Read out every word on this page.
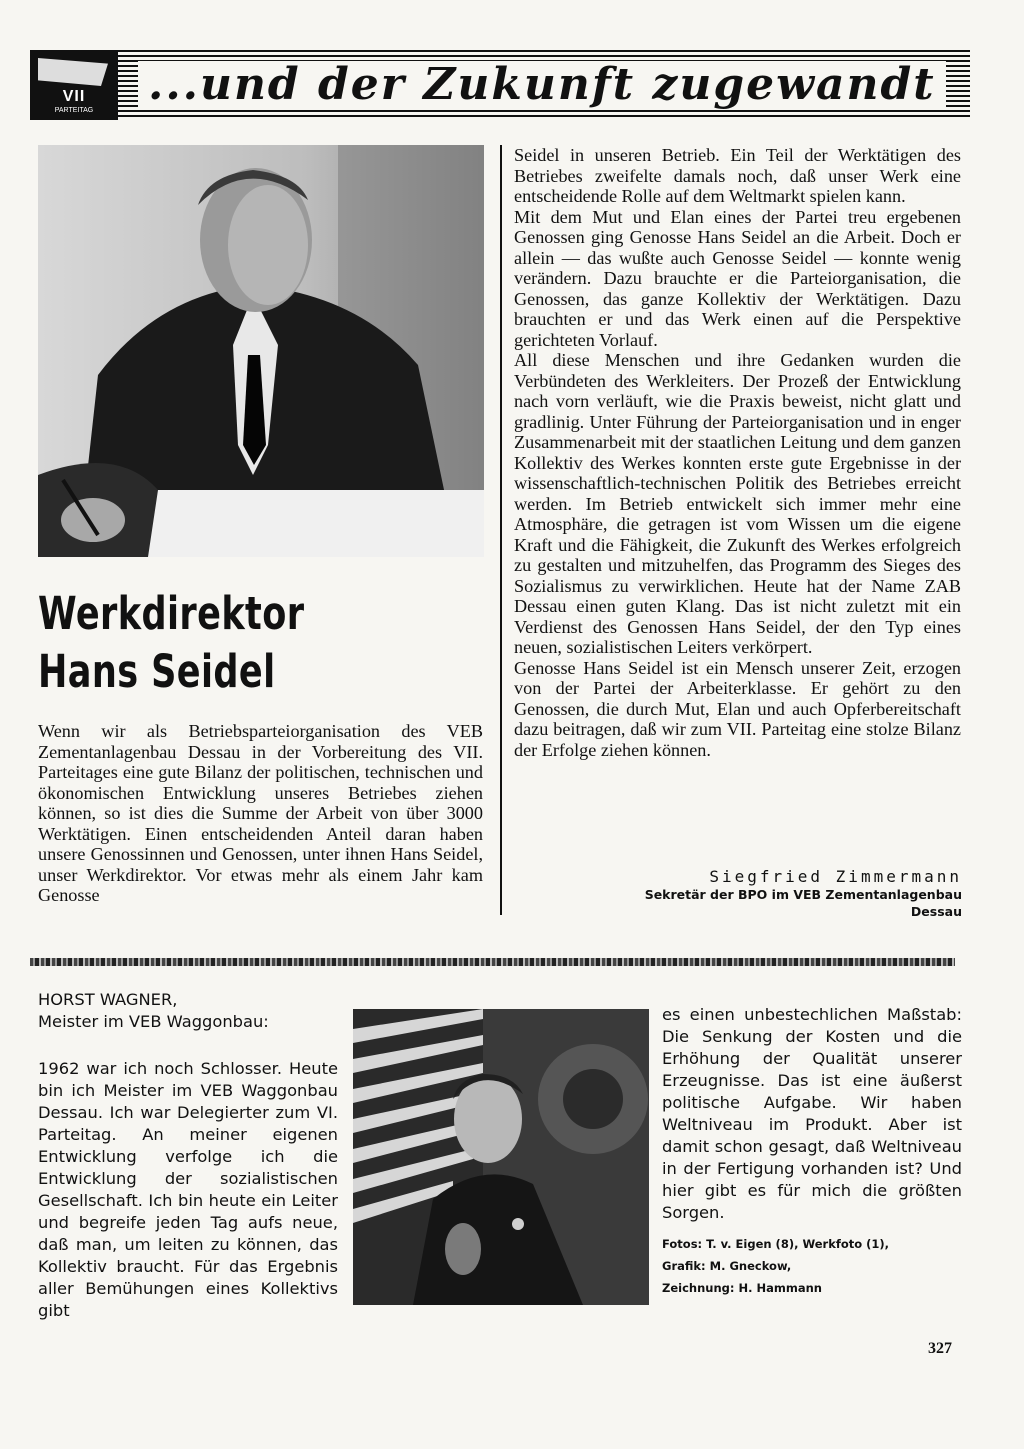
VII
PARTEITAG
...und der Zukunft zugewandt
Werkdirektor
Hans Seidel

Wenn wir als Betriebsparteiorganisation des VEB Zementanlagenbau Dessau in der Vorbereitung des VII. Parteitages eine gute Bilanz der politischen, technischen und ökonomischen Entwicklung unseres Betriebes ziehen können, so ist dies die Summe der Arbeit von über 3000 Werktätigen. Einen entscheidenden Anteil daran haben unsere Genossinnen und Genossen, unter ihnen Hans Seidel, unser Werkdirektor. Vor etwas mehr als einem Jahr kam Genosse

Seidel in unseren Betrieb. Ein Teil der Werktätigen des Betriebes zweifelte damals noch, daß unser Werk eine entscheidende Rolle auf dem Weltmarkt spielen kann.

Mit dem Mut und Elan eines der Partei treu ergebenen Genossen ging Genosse Hans Seidel an die Arbeit. Doch er allein — das wußte auch Genosse Seidel — konnte wenig verändern. Dazu brauchte er die Parteiorganisation, die Genossen, das ganze Kollektiv der Werktätigen. Dazu brauchten er und das Werk einen auf die Perspektive gerichteten Vorlauf.

All diese Menschen und ihre Gedanken wurden die Verbündeten des Werkleiters. Der Prozeß der Entwicklung nach vorn verläuft, wie die Praxis beweist, nicht glatt und gradlinig. Unter Führung der Parteiorganisation und in enger Zusammenarbeit mit der staatlichen Leitung und dem ganzen Kollektiv des Werkes konnten erste gute Ergebnisse in der wissenschaftlich-technischen Politik des Betriebes erreicht werden. Im Betrieb entwickelt sich immer mehr eine Atmosphäre, die getragen ist vom Wissen um die eigene Kraft und die Fähigkeit, die Zukunft des Werkes erfolgreich zu gestalten und mitzuhelfen, das Programm des Sieges des Sozialismus zu verwirklichen. Heute hat der Name ZAB Dessau einen guten Klang. Das ist nicht zuletzt mit ein Verdienst des Genossen Hans Seidel, der den Typ eines neuen, sozialistischen Leiters verkörpert.

Genosse Hans Seidel ist ein Mensch unserer Zeit, erzogen von der Partei der Arbeiterklasse. Er gehört zu den Genossen, die durch Mut, Elan und auch Opferbereitschaft dazu beitragen, daß wir zum VII. Parteitag eine stolze Bilanz der Erfolge ziehen können.

Siegfried Zimmermann
Sekretär der BPO im VEB Zementanlagenbau
Dessau
HORST WAGNER,
Meister im VEB Waggonbau:
1962 war ich noch Schlosser. Heute bin ich Meister im VEB Waggonbau Dessau. Ich war Delegierter zum VI. Parteitag. An meiner eigenen Entwicklung verfolge ich die Entwicklung der sozialistischen Gesellschaft. Ich bin heute ein Leiter und begreife jeden Tag aufs neue, daß man, um leiten zu können, das Kollektiv braucht. Für das Ergebnis aller Bemühungen eines Kollektivs gibt
es einen unbestechlichen Maßstab: Die Senkung der Kosten und die Erhöhung der Qualität unserer Erzeugnisse. Das ist eine äußerst politische Aufgabe. Wir haben Weltniveau im Produkt. Aber ist damit schon gesagt, daß Weltniveau in der Fertigung vorhanden ist? Und hier gibt es für mich die größten Sorgen.
Fotos: T. v. Eigen (8), Werkfoto (1),
Grafik: M. Gneckow,
Zeichnung: H. Hammann
327
